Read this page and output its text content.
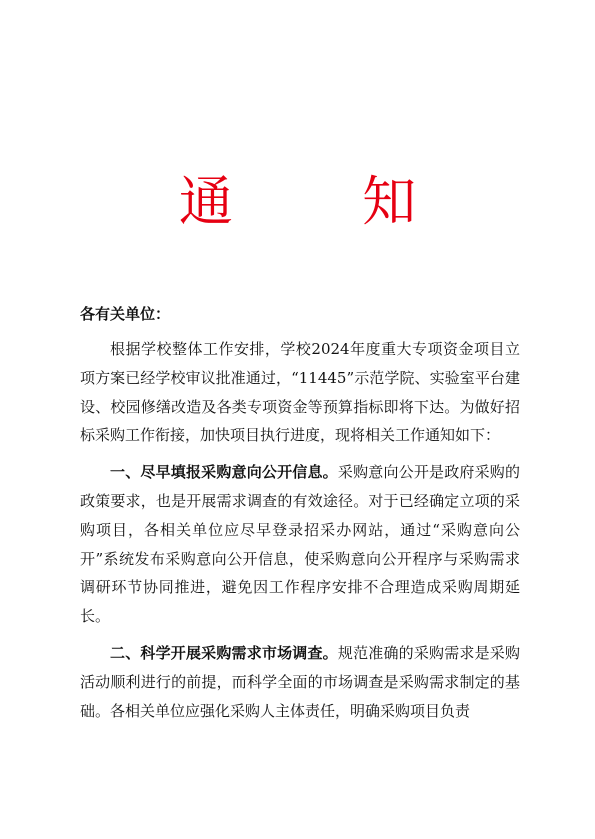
通 知
各有关单位：

根据学校整体工作安排，学校2024年度重大专项资金项目立项方案已经学校审议批准通过，“11445”示范学院、实验室平台建设、校园修缮改造及各类专项资金等预算指标即将下达。为做好招标采购工作衔接，加快项目执行进度，现将相关工作通知如下：

一、尽早填报采购意向公开信息。采购意向公开是政府采购的政策要求，也是开展需求调查的有效途径。对于已经确定立项的采购项目，各相关单位应尽早登录招采办网站，通过“采购意向公开”系统发布采购意向公开信息，使采购意向公开程序与采购需求调研环节协同推进，避免因工作程序安排不合理造成采购周期延长。

二、科学开展采购需求市场调查。规范准确的采购需求是采购活动顺利进行的前提，而科学全面的市场调查是采购需求制定的基础。各相关单位应强化采购人主体责任，明确采购项目负责
